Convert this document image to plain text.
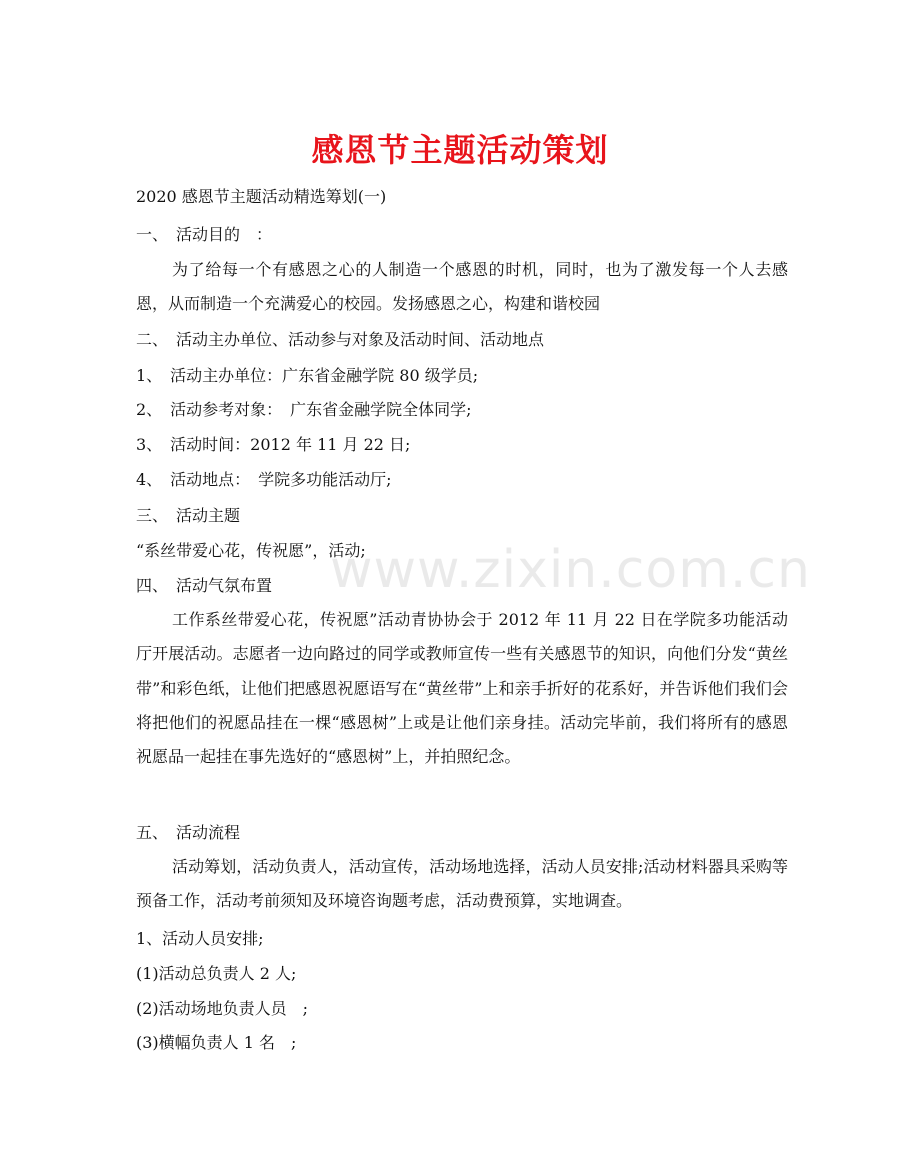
感恩节主题活动策划
2020 感恩节主题活动精选筹划(一)
一、　活动目的　：
为了给每一个有感恩之心的人制造一个感恩的时机，同时，也为了激发每一个人去感恩，从而制造一个充满爱心的校园。发扬感恩之心，构建和谐校园
二、　活动主办单位、活动参与对象及活动时间、活动地点
1、　活动主办单位：广东省金融学院 80 级学员;
2、　活动参考对象：　广东省金融学院全体同学;
3、　活动时间：2012 年 11 月 22 日;
4、　活动地点：　学院多功能活动厅;
三、　活动主题
“系丝带爱心花，传祝愿”，活动;
四、　活动气氛布置
工作系丝带爱心花，传祝愿”活动青协协会于 2012 年 11 月 22 日在学院多功能活动厅开展活动。志愿者一边向路过的同学或教师宣传一些有关感恩节的知识，向他们分发“黄丝带”和彩色纸，让他们把感恩祝愿语写在“黄丝带”上和亲手折好的花系好，并告诉他们我们会将把他们的祝愿品挂在一棵“感恩树”上或是让他们亲身挂。活动完毕前，我们将所有的感恩祝愿品一起挂在事先选好的“感恩树”上，并拍照纪念。
五、　活动流程
活动筹划，活动负责人，活动宣传，活动场地选择，活动人员安排;活动材料器具采购等预备工作，活动考前须知及环境咨询题考虑，活动费预算，实地调查。
1、活动人员安排;
(1)活动总负责人 2 人;
(2)活动场地负责人员　;
(3)横幅负责人 1 名　;
www.zixin.com.cn
